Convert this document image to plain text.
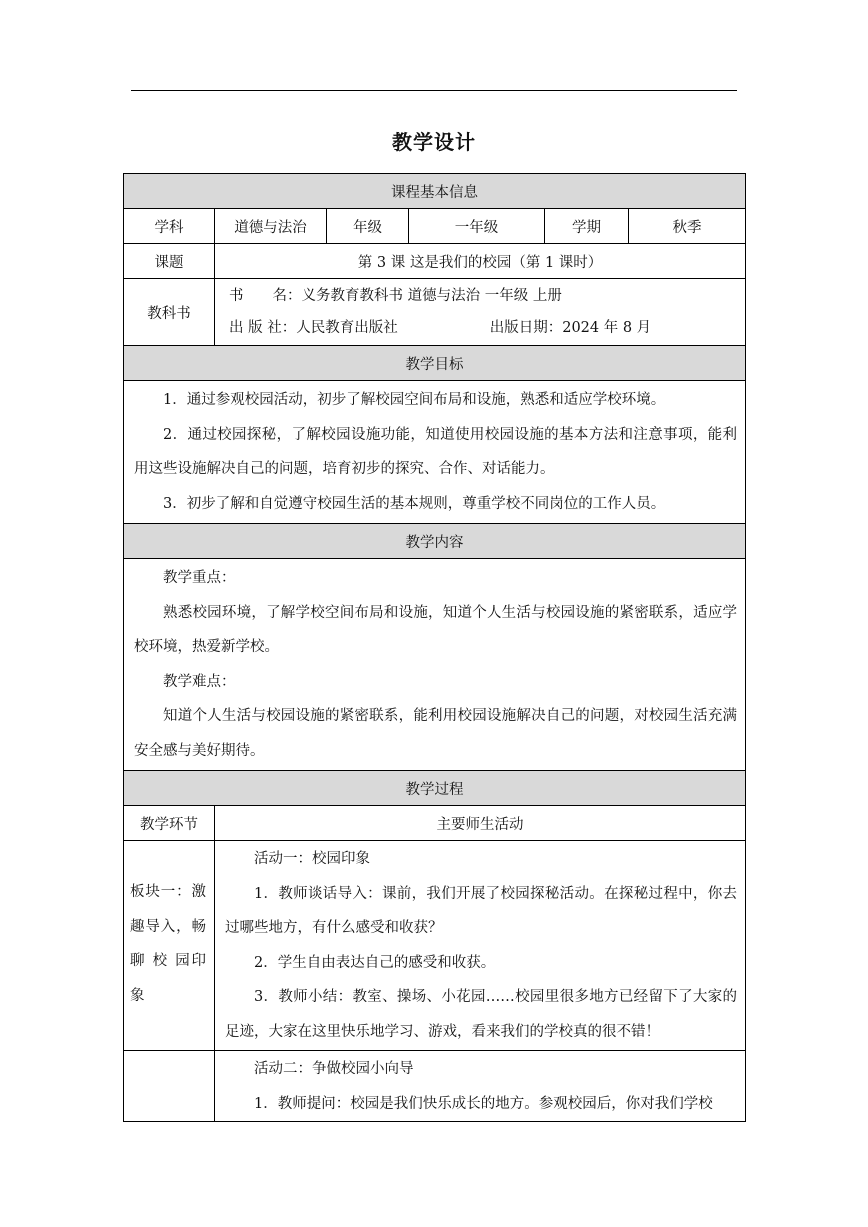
教学设计
课程基本信息					
学科	道德与法治	年级	一年级	学期	秋季
课题	第 3 课 这是我们的校园（第 1 课时）				
教科书	书　　名：义务教育教科书 道德与法治 一年级 上册
出 版 社：人民教育出版社 出版日期：2024 年 8 月				

教学目标					

1．通过参观校园活动，初步了解校园空间布局和设施，熟悉和适应学校环境。
2．通过校园探秘，了解校园设施功能，知道使用校园设施的基本方法和注意事项，能利用这些设施解决自己的问题，培育初步的探究、合作、对话能力。
3．初步了解和自觉遵守校园生活的基本规则，尊重学校不同岗位的工作人员。					

教学内容					

教学重点：
熟悉校园环境，了解学校空间布局和设施，知道个人生活与校园设施的紧密联系，适应学校环境，热爱新学校。
教学难点：
知道个人生活与校园设施的紧密联系，能利用校园设施解决自己的问题，对校园生活充满安全感与美好期待。					

教学过程					
教学环节	主要师生活动				
板块一：激趣导入，畅 聊 校 园印象	活动一：校园印象
1．教师谈话导入：课前，我们开展了校园探秘活动。在探秘过程中，你去过哪些地方，有什么感受和收获？
2．学生自由表达自己的感受和收获。
3．教师小结：教室、操场、小花园……校园里很多地方已经留下了大家的足迹，大家在这里快乐地学习、游戏，看来我们的学校真的很不错！				

	活动二：争做校园小向导
1．教师提问：校园是我们快乐成长的地方。参观校园后，你对我们学校				
